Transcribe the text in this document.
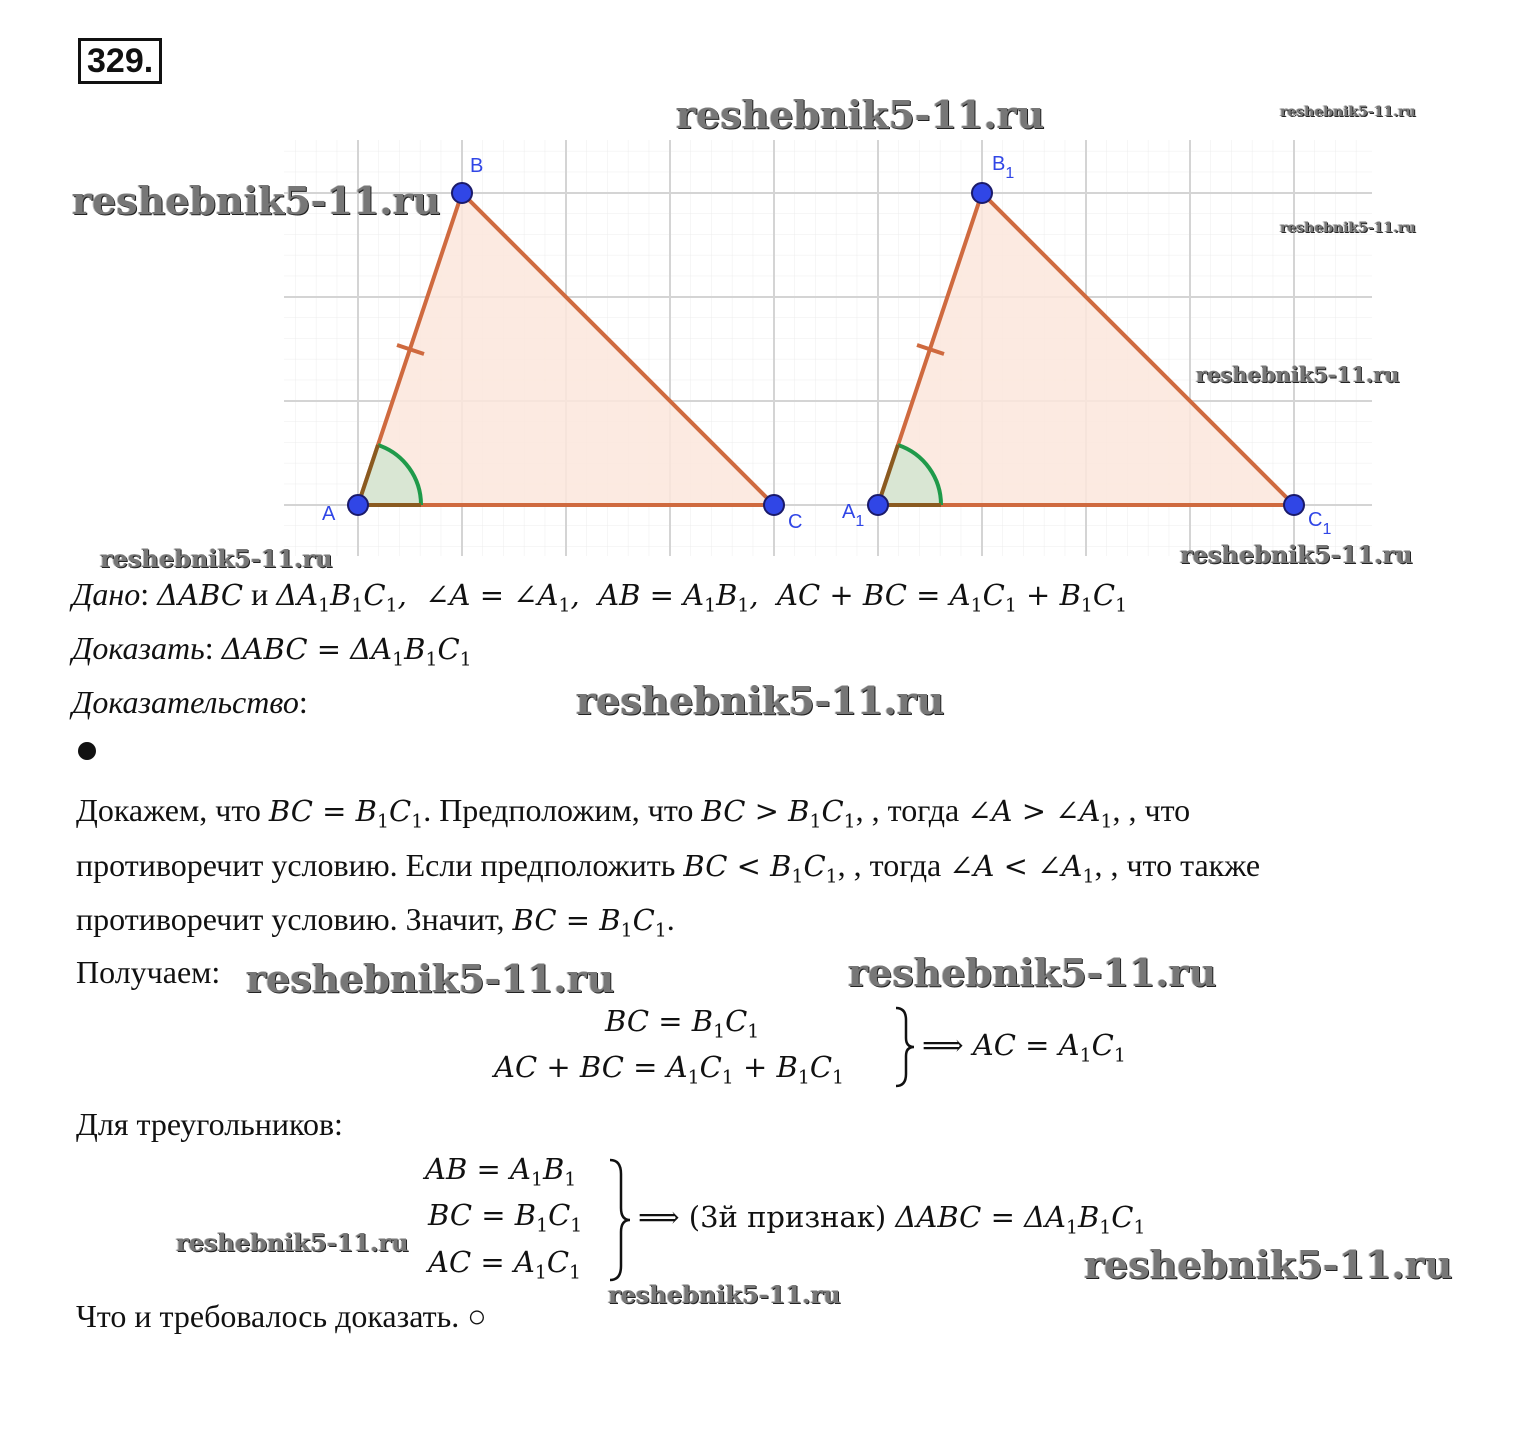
329.
reshebnik5-11.ru	reshebnik5-11.ru
reshebnik5-11.ru
reshebnik5-11.ru
reshebnik5-11.ru
reshebnik5-11.ru	reshebnik5-11.ru
reshebnik5-11.ru
reshebnik5-11.ru	reshebnik5-11.ru
reshebnik5-11.ru	reshebnik5-11.ru
reshebnik5-11.ru
A
B
C $A_1$
$B_1$
$C_1$
Дано: ΔABC и $\Delta A_1B_1C_1$,  ∠A = $\angle A_1$,  AB = $A_1B_1$,  AC + BC = $A_1C_1 + B_1C_1$
Доказать: $\Delta ABC = \Delta A_1B_1C_1$
Доказательство:
Докажем, что BC = $B_1C_1$. Предположим, что BC > $B_1C_1$, , тогда ∠A > $\angle A_1$, , что
противоречит условию. Если предположить BC < $B_1C_1$, , тогда ∠A < $\angle A_1$, , что также
противоречит условию. Значит, BC = $B_1C_1$.
Получаем:
BC = $B_1C_1$
AC + BC = $A_1C_1 + B_1C_1$
⟹ AC = $A_1C_1$
Для треугольников:
AB = $A_1B_1$
BC = $B_1C_1$
AC = $A_1C_1$
⟹ (3й признак) $\Delta ABC = \Delta A_1B_1C_1$
Что и требовалось доказать. ○
